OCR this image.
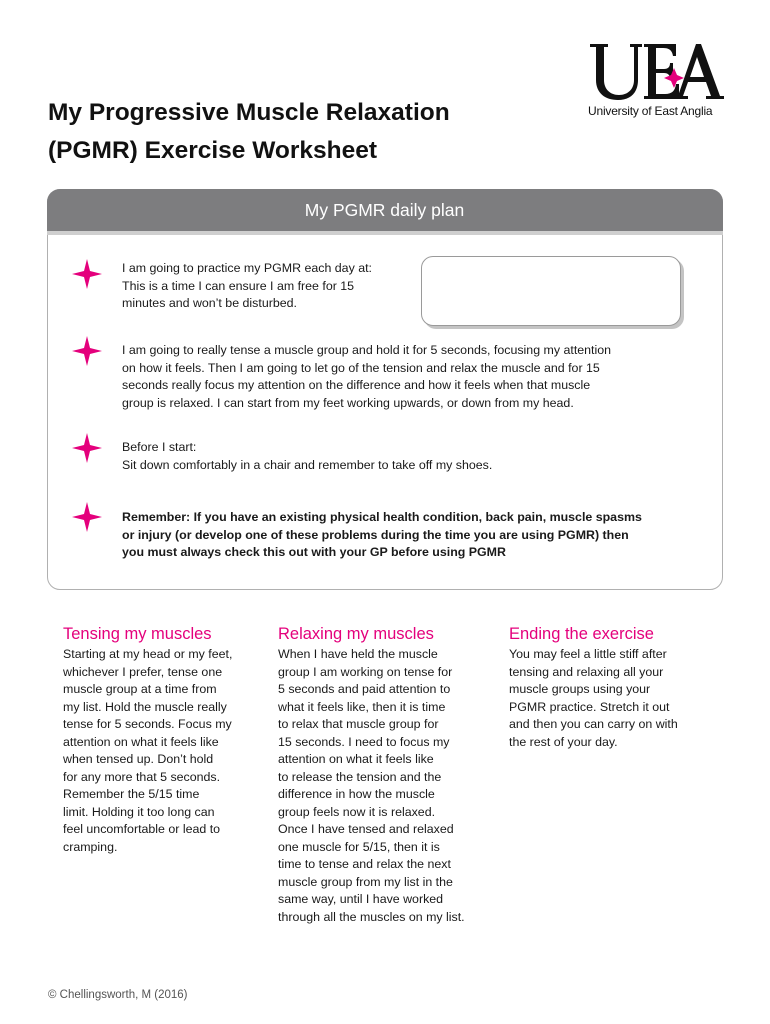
My Progressive Muscle Relaxation
(PGMR) Exercise Worksheet
University of East Anglia
My PGMR daily plan
I am going to practice my PGMR each day at:
This is a time I can ensure I am free for 15
minutes and won’t be disturbed.
I am going to really tense a muscle group and hold it for 5 seconds, focusing my attention
on how it feels. Then I am going to let go of the tension and relax the muscle and for 15
seconds really focus my attention on the difference and how it feels when that muscle
group is relaxed. I can start from my feet working upwards, or down from my head.
Before I start:
Sit down comfortably in a chair and remember to take off my shoes.
Remember: If you have an existing physical health condition, back pain, muscle spasms
or injury (or develop one of these problems during the time you are using PGMR) then
you must always check this out with your GP before using PGMR
Tensing my muscles
Starting at my head or my feet,
whichever I prefer, tense one
muscle group at a time from
my list. Hold the muscle really
tense for 5 seconds. Focus my
attention on what it feels like
when tensed up. Don’t hold
for any more that 5 seconds.
Remember the 5/15 time
limit. Holding it too long can
feel uncomfortable or lead to
cramping.
Relaxing my muscles
When I have held the muscle
group I am working on tense for
5 seconds and paid attention to
what it feels like, then it is time
to relax that muscle group for
15 seconds. I need to focus my
attention on what it feels like
to release the tension and the
difference in how the muscle
group feels now it is relaxed.
Once I have tensed and relaxed
one muscle for 5/15, then it is
time to tense and relax the next
muscle group from my list in the
same way, until I have worked
through all the muscles on my list.
Ending the exercise
You may feel a little stiff after
tensing and relaxing all your
muscle groups using your
PGMR practice. Stretch it out
and then you can carry on with
the rest of your day.
© Chellingsworth, M (2016)
